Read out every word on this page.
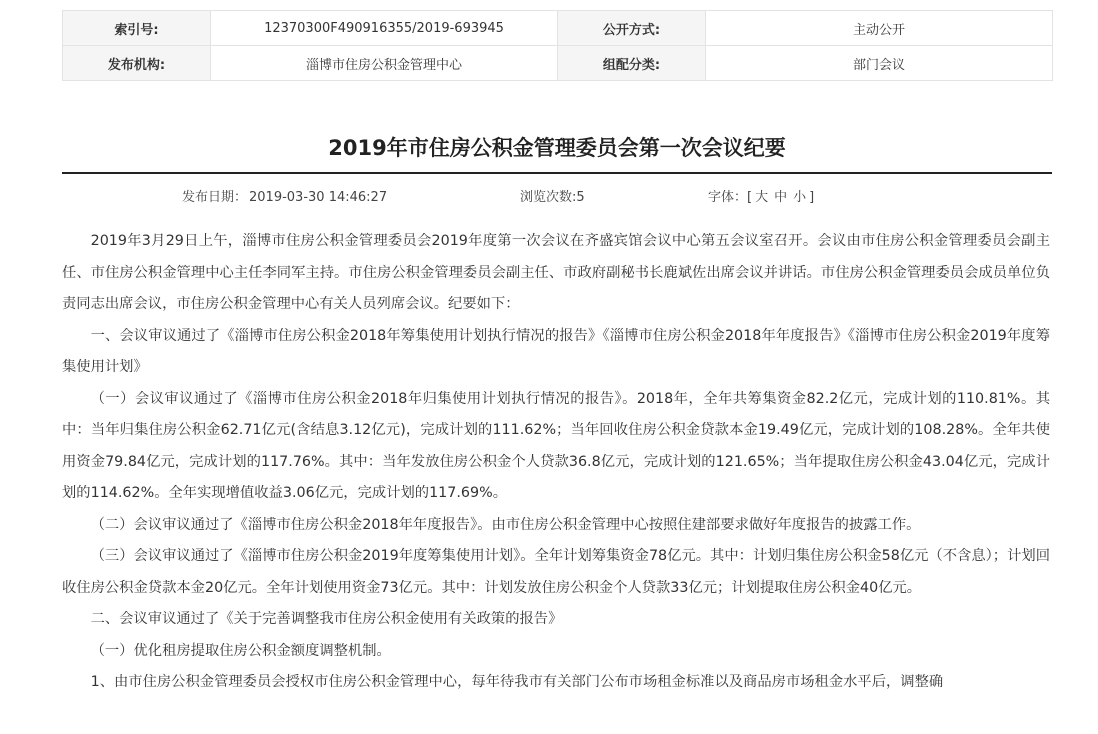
索引号:	12370300F490916355/2019-693945	公开方式:	主动公开
发布机构:	淄博市住房公积金管理中心	组配分类:	部门会议
2019年市住房公积金管理委员会第一次会议纪要
发布日期： 2019-03-30 14:46:27	浏览次数:5	字体：[ 大 中 小 ]

2019年3月29日上午，淄博市住房公积金管理委员会2019年度第一次会议在齐盛宾馆会议中心第五会议室召开。会议由市住房公积金管理委员会副主任、市住房公积金管理中心主任李同军主持。市住房公积金管理委员会副主任、市政府副秘书长鹿斌佐出席会议并讲话。市住房公积金管理委员会成员单位负责同志出席会议，市住房公积金管理中心有关人员列席会议。纪要如下：

一、会议审议通过了《淄博市住房公积金2018年筹集使用计划执行情况的报告》《淄博市住房公积金2018年年度报告》《淄博市住房公积金2019年度筹集使用计划》

（一）会议审议通过了《淄博市住房公积金2018年归集使用计划执行情况的报告》。2018年，全年共筹集资金82.2亿元，完成计划的110.81%。其中：当年归集住房公积金62.71亿元(含结息3.12亿元)，完成计划的111.62%；当年回收住房公积金贷款本金19.49亿元，完成计划的108.28%。全年共使用资金79.84亿元，完成计划的117.76%。其中：当年发放住房公积金个人贷款36.8亿元，完成计划的121.65%；当年提取住房公积金43.04亿元，完成计划的114.62%。全年实现增值收益3.06亿元，完成计划的117.69%。

（二）会议审议通过了《淄博市住房公积金2018年年度报告》。由市住房公积金管理中心按照住建部要求做好年度报告的披露工作。

（三）会议审议通过了《淄博市住房公积金2019年度筹集使用计划》。全年计划筹集资金78亿元。其中：计划归集住房公积金58亿元（不含息）；计划回收住房公积金贷款本金20亿元。全年计划使用资金73亿元。其中：计划发放住房公积金个人贷款33亿元；计划提取住房公积金40亿元。

二、会议审议通过了《关于完善调整我市住房公积金使用有关政策的报告》

（一）优化租房提取住房公积金额度调整机制。

1、由市住房公积金管理委员会授权市住房公积金管理中心，每年待我市有关部门公布市场租金标准以及商品房市场租金水平后，调整确
